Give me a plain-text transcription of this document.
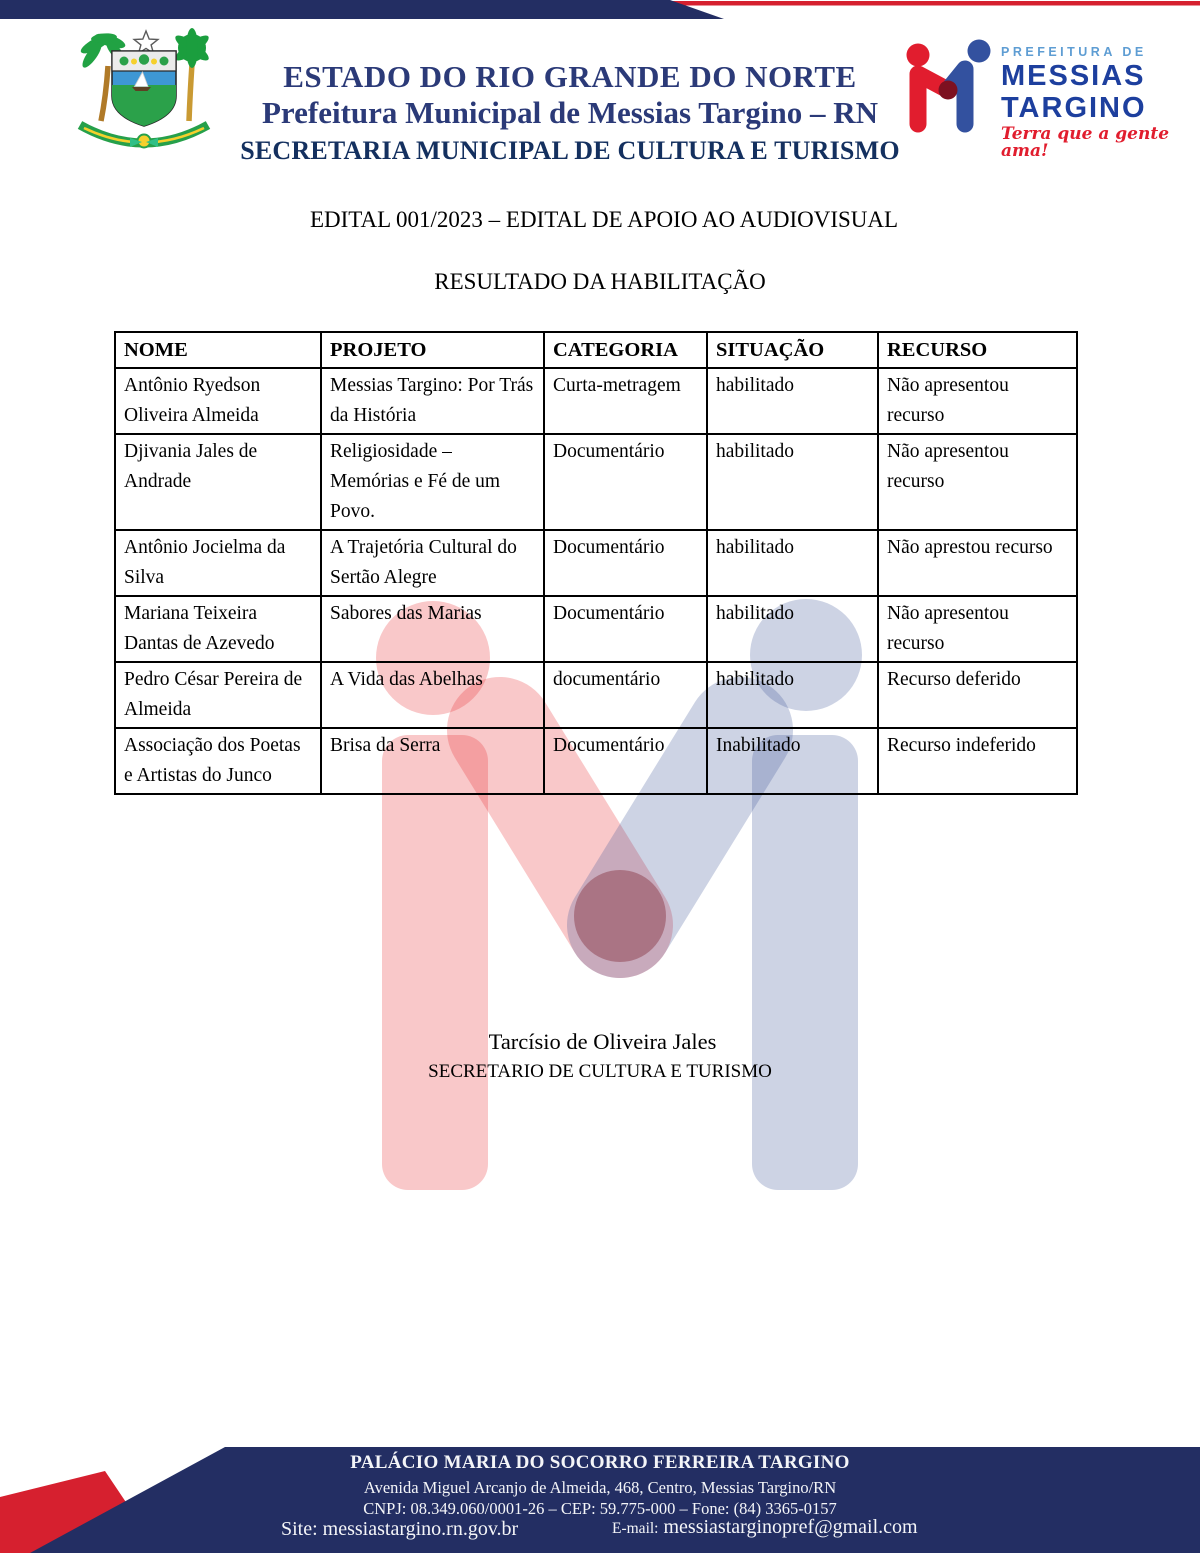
ESTADO DO RIO GRANDE DO NORTE
Prefeitura Municipal de Messias Targino – RN
SECRETARIA MUNICIPAL DE CULTURA E TURISMO
PREFEITURA DE
MESSIAS
TARGINO
Terra que a gente ama!
EDITAL 001/2023 – EDITAL DE APOIO AO AUDIOVISUAL
RESULTADO DA HABILITAÇÃO
NOME	PROJETO	CATEGORIA	SITUAÇÃO	RECURSO
Antônio Ryedson Oliveira Almeida	Messias Targino: Por Trás da História	Curta-metragem	habilitado	Não apresentou recurso
Djivania Jales de Andrade	Religiosidade – Memórias e Fé de um Povo.	Documentário	habilitado	Não apresentou recurso
Antônio Jocielma da Silva	A Trajetória Cultural do Sertão Alegre	Documentário	habilitado	Não aprestou recurso
Mariana Teixeira Dantas de Azevedo	Sabores das Marias	Documentário	habilitado	Não apresentou recurso
Pedro César Pereira de Almeida	A Vida das Abelhas	documentário	habilitado	Recurso deferido
Associação dos Poetas e Artistas do Junco	Brisa da Serra	Documentário	Inabilitado	Recurso indeferido
Tarcísio de Oliveira Jales
SECRETARIO DE CULTURA E TURISMO
PALÁCIO MARIA DO SOCORRO FERREIRA TARGINO
Avenida Miguel Arcanjo de Almeida, 468, Centro, Messias Targino/RN
CNPJ: 08.349.060/0001-26 – CEP: 59.775-000 – Fone: (84) 3365-0157
Site: messiastargino.rn.gov.br	E-mail: messiastarginopref@gmail.com
